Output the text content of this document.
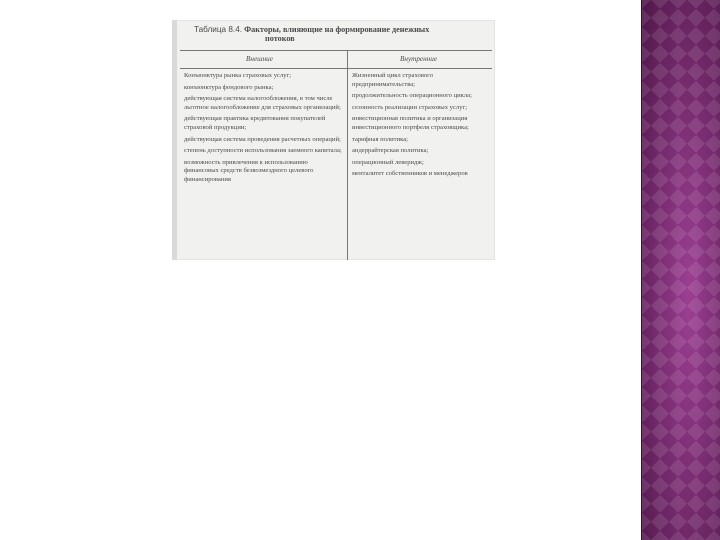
Таблица 8.4. Факторы, влияющие на формирование денежных
потоков
Внешние	Внутренние

Конъюнктура рынка страховых услуг;

конъюнктура фондового рынка;

действующая система налогообложения, в том числе льготное налогообложение для страховых организаций;

действующая практика кредитования покупателей страховой продукции;

действующая система проведения расчетных операций;

степень доступности использования заемного капитала;

возможность привлечения к использованию финансовых средств безвозмездного целевого финансирования

Жизненный цикл страхового предпринимательства;

продолжительность операционного цикла;

сезонность реализации страховых услуг;

инвестиционная политика и организация инвестиционного портфеля страховщика;

тарифная политика;

андеррайтерская политика;

операционный леверидж;

менталитет собственников и менеджеров
